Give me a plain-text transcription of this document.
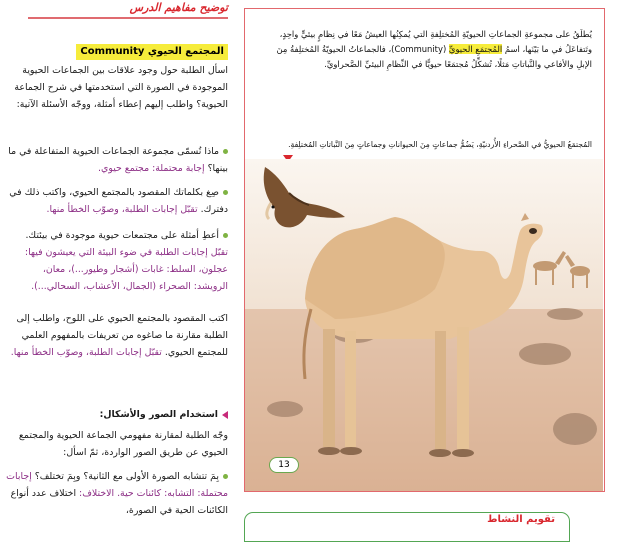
توضيح مفاهيم الدرس
المجتمع الحيوي Community

اسأل الطلبة حول وجود علاقات بين الجماعات الحيوية الموجودة في الصورة التي استخدمتها في شرح الجماعة الحيوية؟ واطلب إليهم إعطاء أمثلة، ووجّه الأسئلة الآتية:

ماذا تُسمّى مجموعة الجماعات الحيوية المتفاعلة في ما بينها؟ إجابة محتملة: مجتمع حيوي.

صِغ بكلماتك المقصود بالمجتمع الحيوي، واكتب ذلك في دفترك. تقبّل إجابات الطلبة، وصوّب الخطأ منها.

أعطِ أمثلة على مجتمعات حيوية موجودة في بيئتك. تقبّل إجابات الطلبة في ضوء البيئة التي يعيشون فيها: عجلون، السلط: غابات (أشجار وطيور...)، معان، الرويشد: الصحراء (الجمال، الأعشاب، السحالي...).

اكتب المقصود بالمجتمع الحيوي على اللوح، واطلب إلى الطلبة مقارنة ما صاغوه من تعريفات بالمفهوم العلمي للمجتمع الحيوي. تقبّل إجابات الطلبة، وصوّب الخطأ منها.

استخدام الصور والأشكال:

وجّه الطلبة لمقارنة مفهومي الجماعة الحيوية والمجتمع الحيوي عن طريق الصور الواردة، ثمّ اسأل:

بِمَ تتشابه الصورة الأولى مع الثانية؟ وبِمَ تختلف؟ إجابات محتملة: التشابه: كائنات حية. الاختلاف: اختلاف عدد أنواع الكائنات الحية في الصورة،

يُطلَقُ على مجموعةِ الجماعاتِ الحيويّةِ المُختلِفةِ التي يُمكِنُها العيشُ مَعًا في نِظامٍ بيئيٍّ واحِدٍ، وتَتفاعَلُ في ما بَيْنَها، اسمُ المُجتمَعِ الحيويِّ (Community)، فالجماعاتُ الحيويّةُ المُختلِفةُ مِنَ الإبلِ والأفاعي والنَّباتاتِ مَثلًا، تُشكِّلُ مُجتمَعًا حيويًّا في النِّظامِ البيئيِّ الصَّحراويِّ.

المُجتمَعُ الحيويُّ في الصَّحراءِ الأُردنيّةِ، يَضُمُّ جماعاتٍ مِنَ الحيواناتِ وجماعاتٍ مِنَ النَّباتاتِ المُختلِفةِ.

13
تقويم النشاط
